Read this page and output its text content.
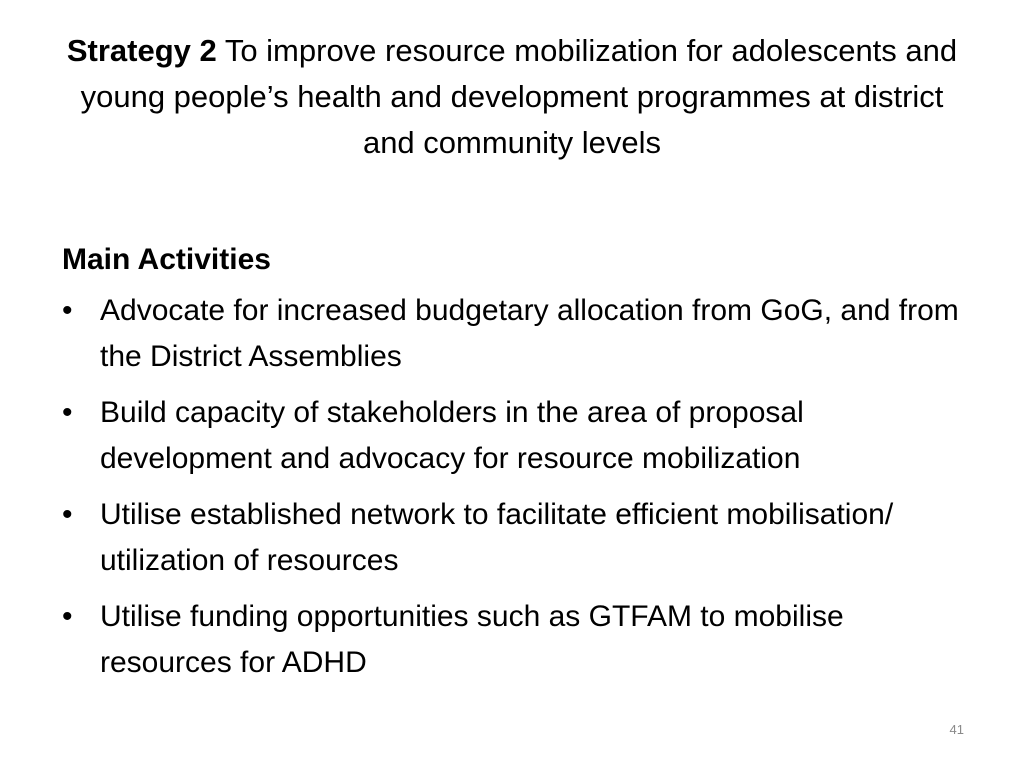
Strategy 2 To improve resource mobilization for adolescents and young people’s health and development programmes at district and community levels
Main Activities
• Advocate for increased budgetary allocation from GoG, and from the District Assemblies
• Build capacity of stakeholders in the area of proposal development and advocacy for resource mobilization
• Utilise established network to facilitate efficient mobilisation/ utilization of resources
• Utilise funding opportunities such as GTFAM to mobilise resources for ADHD
41
